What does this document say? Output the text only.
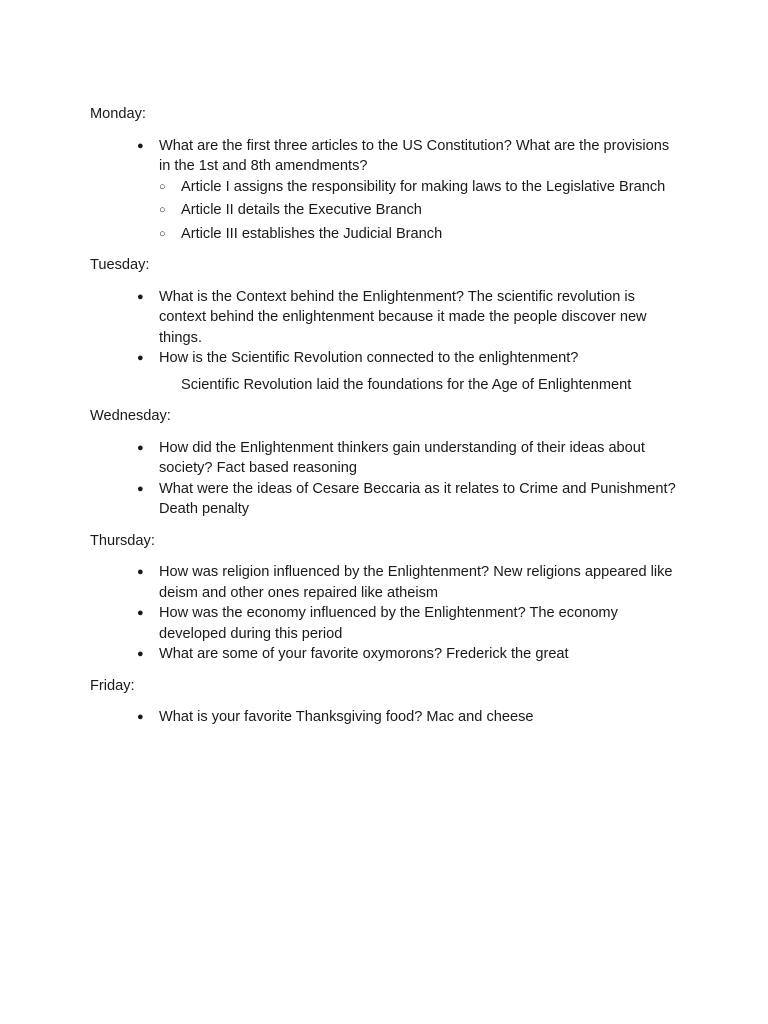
Monday:
● What are the first three articles to the US Constitution? What are the provisions in the 1st and 8th amendments?
○ Article I assigns the responsibility for making laws to the Legislative Branch
○ Article II details the Executive Branch
○ Article III establishes the Judicial Branch
Tuesday:
● What is the Context behind the Enlightenment? The scientific revolution is context behind the enlightenment because it made the people discover new things.
● How is the Scientific Revolution connected to the enlightenment?
Scientific Revolution laid the foundations for the Age of Enlightenment
Wednesday:
● How did the Enlightenment thinkers gain understanding of their ideas about society? Fact based reasoning
● What were the ideas of Cesare Beccaria as it relates to Crime and Punishment? Death penalty
Thursday:
● How was religion influenced by the Enlightenment? New religions appeared like deism and other ones repaired like atheism
● How was the economy influenced by the Enlightenment? The economy developed during this period
● What are some of your favorite oxymorons? Frederick the great
Friday:
● What is your favorite Thanksgiving food? Mac and cheese
